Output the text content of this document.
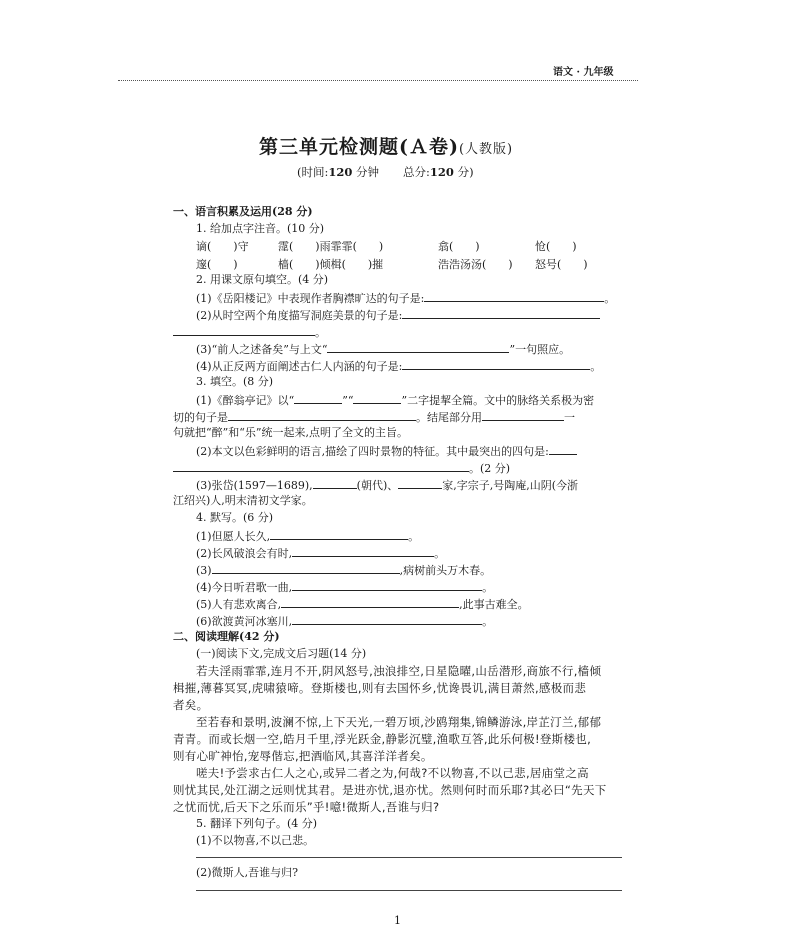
语文 · 九年级
第三单元检测题(Ａ卷)(人教版)
(时间:120 分钟 总分:120 分)
一、语言积累及运用(28 分)
1. 给加点字注音。(10 分)
谪(　　)守	霪(　　)雨霏霏(　　)	翕(　　)	怆(　　)
邃(　　)	樯(　　)倾楫(　　)摧	浩浩汤汤(　　) 怒号(　　)
2. 用课文原句填空。(4 分)
(1)《岳阳楼记》中表现作者胸襟旷达的句子是:	。
(2)从时空两个角度描写洞庭美景的句子是:
。
(3)“前人之述备矣”与上文“	”一句照应。
(4)从正反两方面阐述古仁人内涵的句子是:	。
3. 填空。(8 分)
(1)《醉翁亭记》以“	”“	”二字提挈全篇。文中的脉络关系极为密
切的句子是	。结尾部分用	一
句就把“醉”和“乐”统一起来,点明了全文的主旨。
(2)本文以色彩鲜明的语言,描绘了四时景物的特征。其中最突出的四句是:
。(2 分)
(3)张岱(1597—1689),	(朝代)、	家,字宗子,号陶庵,山阴(今浙
江绍兴)人,明末清初文学家。
4. 默写。(6 分)
(1)但愿人长久,	。
(2)长风破浪会有时,	。
(3)	,病树前头万木春。
(4)今日听君歌一曲,	。
(5)人有悲欢离合,	,此事古难全。
(6)欲渡黄河冰塞川,	。
二、阅读理解(42 分)
(一)阅读下文,完成文后习题(14 分)
若夫淫雨霏霏,连月不开,阴风怒号,浊浪排空,日星隐曜,山岳潜形,商旅不行,樯倾
楫摧,薄暮冥冥,虎啸猿啼。登斯楼也,则有去国怀乡,忧谗畏讥,满目萧然,感极而悲
者矣。
至若春和景明,波澜不惊,上下天光,一碧万顷,沙鸥翔集,锦鳞游泳,岸芷汀兰,郁郁
青青。而或长烟一空,皓月千里,浮光跃金,静影沉璧,渔歌互答,此乐何极!登斯楼也,
则有心旷神怡,宠辱偕忘,把酒临风,其喜洋洋者矣。
嗟夫!予尝求古仁人之心,或异二者之为,何哉?不以物喜,不以己悲,居庙堂之高
则忧其民,处江湖之远则忧其君。是进亦忧,退亦忧。然则何时而乐耶?其必曰“先天下
之忧而忧,后天下之乐而乐”乎!噫!微斯人,吾谁与归?
5. 翻译下列句子。(4 分)
(1)不以物喜,不以己悲。
(2)微斯人,吾谁与归?
1
